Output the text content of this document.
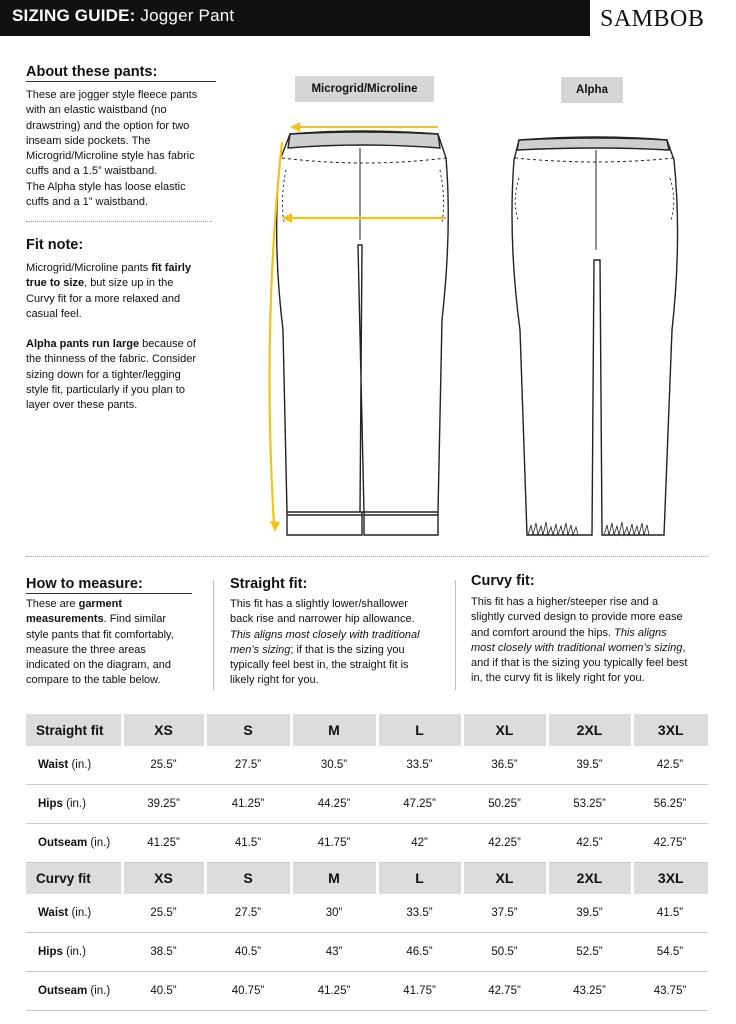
SIZING GUIDE: Jogger Pant	SAMBOB
About these pants:
These are jogger style fleece pants
with an elastic waistband (no
drawstring) and the option for two
inseam side pockets. The
Microgrid/Microline style has fabric
cuffs and a 1.5” waistband.
The Alpha style has loose elastic
cuffs and a 1” waistband.
Fit note:
Microgrid/Microline pants fit fairly
true to size, but size up in the
Curvy fit for a more relaxed and
casual feel.
Alpha pants run large because of
the thinness of the fabric. Consider
sizing down for a tighter/legging
style fit, particularly if you plan to
layer over these pants.
Microgrid/Microline	Alpha
How to measure:
These are garment
measurements. Find similar
style pants that fit comfortably,
measure the three areas
indicated on the diagram, and
compare to the table below.
Straight fit:
This fit has a slightly lower/shallower
back rise and narrower hip allowance.
This aligns most closely with traditional
men’s sizing; if that is the sizing you
typically feel best in, the straight fit is
likely right for you.
Curvy fit:
This fit has a higher/steeper rise and a
slightly curved design to provide more ease
and comfort around the hips. This aligns
most closely with traditional women’s sizing,
and if that is the sizing you typically feel best
in, the curvy fit is likely right for you.
Straight fit	XS	S	M	L	XL	2XL	3XL
Waist (in.)	25.5”	27.5”	30.5”	33.5”	36.5”	39.5”	42.5”
Hips (in.)	39.25”	41.25”	44.25”	47.25”	50.25”	53.25”	56.25”
Outseam (in.)	41.25”	41.5”	41.75”	42”	42.25”	42.5”	42.75”
Curvy fit	XS	S	M	L	XL	2XL	3XL
Waist (in.)	25.5”	27.5”	30”	33.5”	37.5”	39.5”	41.5”
Hips (in.)	38.5”	40.5”	43”	46.5”	50.5”	52.5”	54.5”
Outseam (in.)	40.5”	40.75”	41.25”	41.75”	42.75”	43.25”	43.75”
